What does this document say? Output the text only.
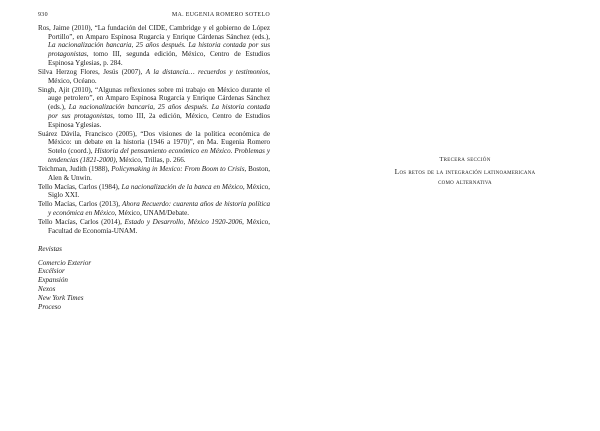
930	MA. EUGENIA ROMERO SOTELO

Ros, Jaime (2010), “La fundación del CIDE, Cambridge y el gobierno de López Portillo”, en Amparo Espinosa Rugarcía y Enrique Cárdenas Sánchez (eds.), La nacionalización bancaria, 25 años después. La historia contada por sus protagonistas, tomo III, segunda edición, México, Centro de Estudios Espinosa Yglesias, p. 284.

Silva Herzog Flores, Jesús (2007), A la distancia… recuerdos y testimonios, México, Océano.

Singh, Ajit (2010), “Algunas reflexiones sobre mi trabajo en México durante el auge petrolero”, en Amparo Espinosa Rugarcía y Enrique Cárdenas Sánchez (eds.), La nacionalización bancaria, 25 años después. La historia contada por sus protagonistas, tomo III, 2a edición, México, Centro de Estudios Espinosa Yglesias.

Suárez Dávila, Francisco (2005), “Dos visiones de la política económica de México: un debate en la historia (1946 a 1970)”, en Ma. Eugenia Romero Sotelo (coord.), Historia del pensamiento económico en México. Problemas y tendencias (1821-2000), México, Trillas, p. 266.

Teichman, Judith (1988), Policymaking in Mexico: From Boom to Crisis, Boston, Alen & Unwin.

Tello Macías, Carlos (1984), La nacionalización de la banca en México, México, Siglo XXI.

Tello Macías, Carlos (2013), Ahora Recuerdo: cuarenta años de historia política y económica en México, México, UNAM/Debate.

Tello Macías, Carlos (2014), Estado y Desarrollo, México 1920-2006, México, Facultad de Economía-UNAM.

Revistas
Comercio Exterior
Excélsior
Expansión
Nexos
New York Times
Proceso
Trecera sección
Los retos de la integración latinoamericana
como alternativa
